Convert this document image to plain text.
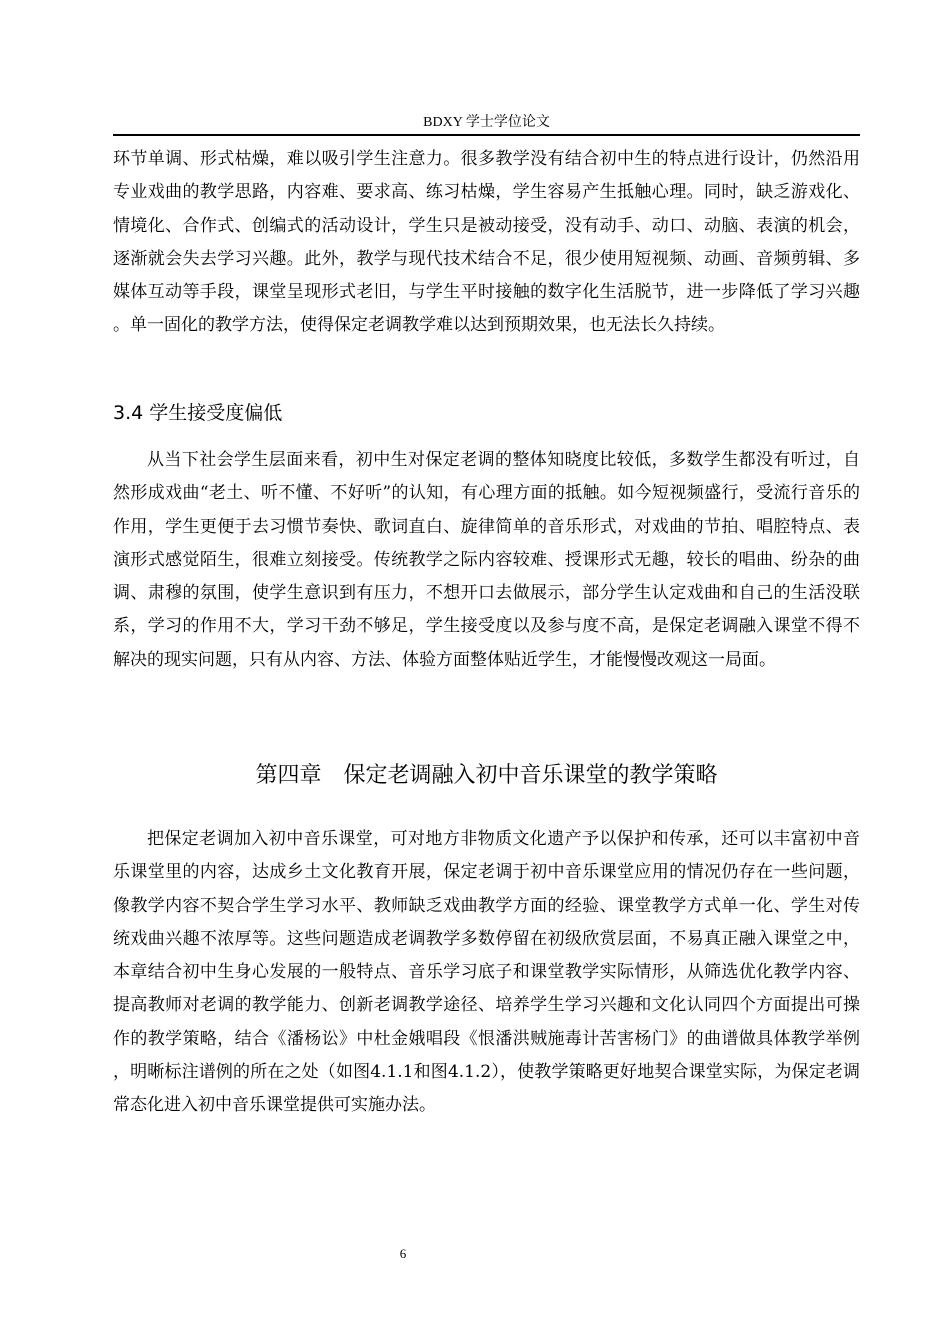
BDXY 学士学位论文

环节单调、形式枯燥，难以吸引学生注意力。很多教学没有结合初中生的特点进行设计，仍然沿用专业戏曲的教学思路，内容难、要求高、练习枯燥，学生容易产生抵触心理。同时，缺乏游戏化、情境化、合作式、创编式的活动设计，学生只是被动接受，没有动手、动口、动脑、表演的机会，逐渐就会失去学习兴趣。此外，教学与现代技术结合不足，很少使用短视频、动画、音频剪辑、多媒体互动等手段，课堂呈现形式老旧，与学生平时接触的数字化生活脱节，进一步降低了学习兴趣。单一固化的教学方法，使得保定老调教学难以达到预期效果，也无法长久持续。

3.4 学生接受度偏低

从当下社会学生层面来看，初中生对保定老调的整体知晓度比较低，多数学生都没有听过，自然形成戏曲“老土、听不懂、不好听”的认知，有心理方面的抵触。如今短视频盛行，受流行音乐的作用，学生更便于去习惯节奏快、歌词直白、旋律简单的音乐形式，对戏曲的节拍、唱腔特点、表演形式感觉陌生，很难立刻接受。传统教学之际内容较难、授课形式无趣，较长的唱曲、纷杂的曲调、肃穆的氛围，使学生意识到有压力，不想开口去做展示，部分学生认定戏曲和自己的生活没联系，学习的作用不大，学习干劲不够足，学生接受度以及参与度不高，是保定老调融入课堂不得不解决的现实问题，只有从内容、方法、体验方面整体贴近学生，才能慢慢改观这一局面。

第四章　保定老调融入初中音乐课堂的教学策略

把保定老调加入初中音乐课堂，可对地方非物质文化遗产予以保护和传承，还可以丰富初中音乐课堂里的内容，达成乡土文化教育开展，保定老调于初中音乐课堂应用的情况仍存在一些问题，像教学内容不契合学生学习水平、教师缺乏戏曲教学方面的经验、课堂教学方式单一化、学生对传统戏曲兴趣不浓厚等。这些问题造成老调教学多数停留在初级欣赏层面，不易真正融入课堂之中，本章结合初中生身心发展的一般特点、音乐学习底子和课堂教学实际情形，从筛选优化教学内容、提高教师对老调的教学能力、创新老调教学途径、培养学生学习兴趣和文化认同四个方面提出可操作的教学策略，结合《潘杨讼》中杜金娥唱段《恨潘洪贼施毒计苦害杨门》的曲谱做具体教学举例，明晰标注谱例的所在之处（如图4.1.1和图4.1.2），使教学策略更好地契合课堂实际，为保定老调常态化进入初中音乐课堂提供可实施办法。

6
